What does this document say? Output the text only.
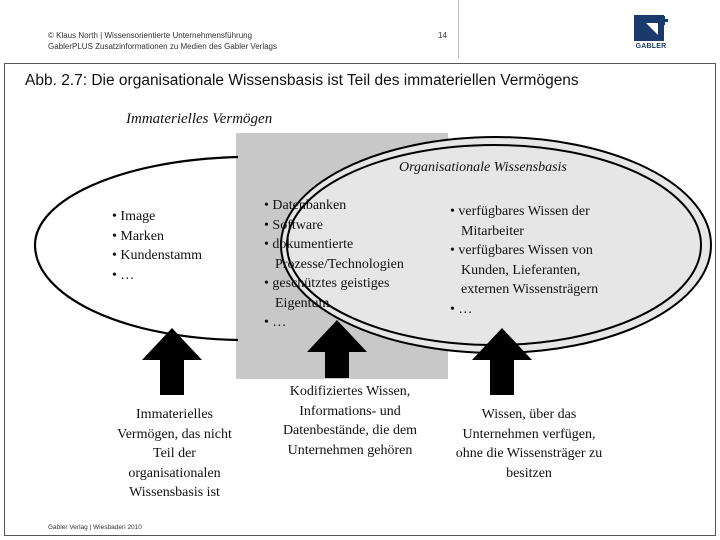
© Klaus North | Wissensorientierte Unternehmensführung
GablerPLUS Zusatzinformationen zu Medien des Gabler Verlags
14
GABLER
Abb. 2.7: Die organisationale Wissensbasis ist Teil des immateriellen Vermögens
Immaterielles Vermögen
Organisationale Wissensbasis
• Image
• Marken
• Kundenstamm
• …
• Datenbanken
• Software
• dokumentierte Prozesse/Technologien
• geschütztes geistiges Eigentum
• …
• verfügbares Wissen der Mitarbeiter
• verfügbares Wissen von Kunden, Lieferanten, externen Wissensträgern
• …
Immaterielles Vermögen, das nicht Teil der organisationalen Wissensbasis ist
Kodifiziertes Wissen, Informations- und Datenbestände, die dem Unternehmen gehören
Wissen, über das Unternehmen verfügen, ohne die Wissensträger zu besitzen
Gabler Verlag | Wiesbaden 2010
